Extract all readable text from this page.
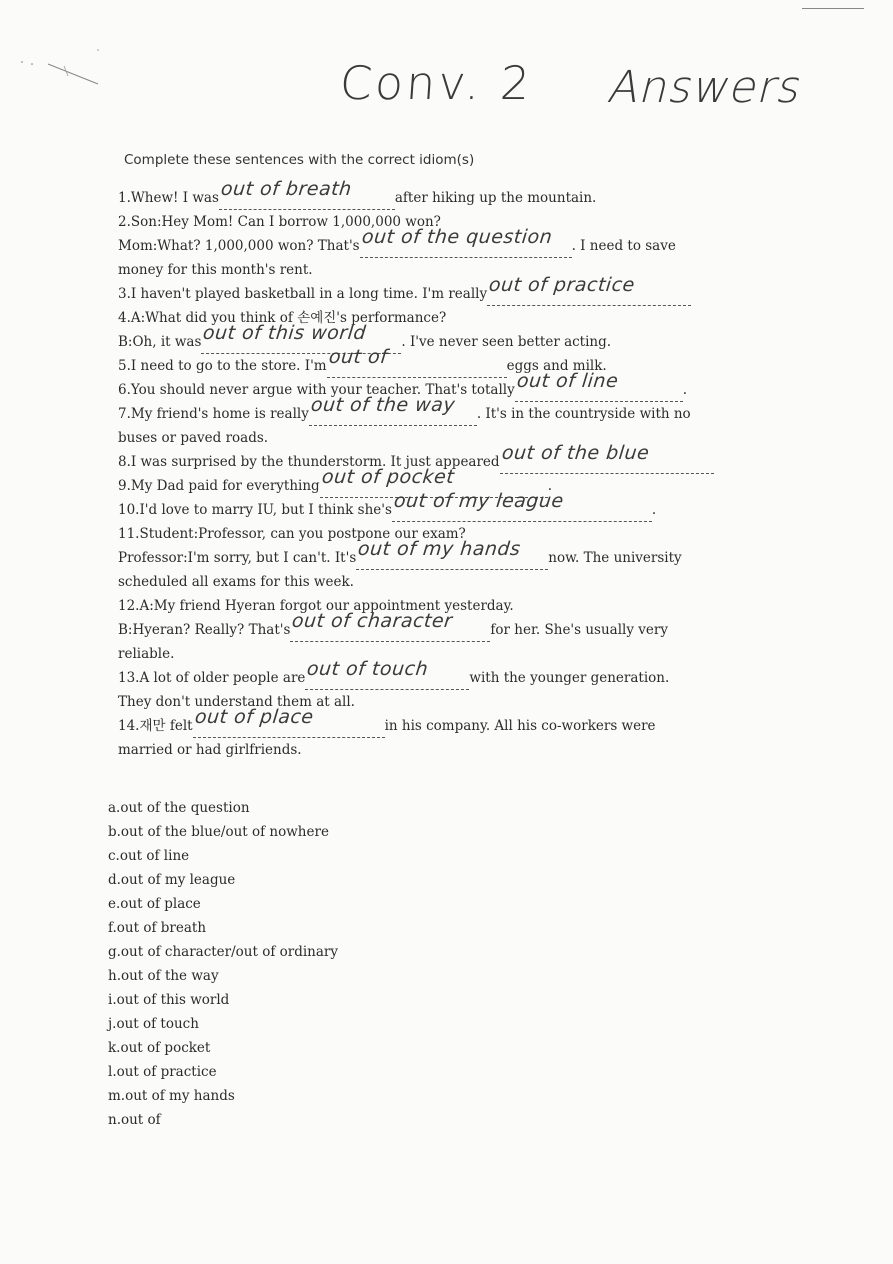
Conv. 2 Answers
Complete these sentences with the correct idiom(s)
1.Whew! I was out of breath	after hiking up the mountain.
2.Son:Hey Mom! Can I borrow 1,000,000 won?
Mom:What? 1,000,000 won? That's out of the question	. I need to save
money for this month's rent.
3.I haven't played basketball in a long time. I'm really out of practice
4.A:What did you think of 손예진's performance?
B:Oh, it was out of this world	. I've never seen better acting.
5.I need to go to the store. I'm out of	eggs and milk.
6.You should never argue with your teacher. That's totally out of line	.
7.My friend's home is really out of the way	. It's in the countryside with no
buses or paved roads.
8.I was surprised by the thunderstorm. It just appeared out of the blue
9.My Dad paid for everything out of pocket	.
10.I'd love to marry IU, but I think she's out of my league	.
11.Student:Professor, can you postpone our exam?
Professor:I'm sorry, but I can't. It's out of my hands	now. The university
scheduled all exams for this week.
12.A:My friend Hyeran forgot our appointment yesterday.
B:Hyeran? Really? That's out of character	for her. She's usually very
reliable.
13.A lot of older people are out of touch	with the younger generation.
They don't understand them at all.
14.재만 felt out of place	in his company. All his co-workers were
married or had girlfriends.
a.out of the question
b.out of the blue/out of nowhere
c.out of line
d.out of my league
e.out of place
f.out of breath
g.out of character/out of ordinary
h.out of the way
i.out of this world
j.out of touch
k.out of pocket
l.out of practice
m.out of my hands
n.out of
